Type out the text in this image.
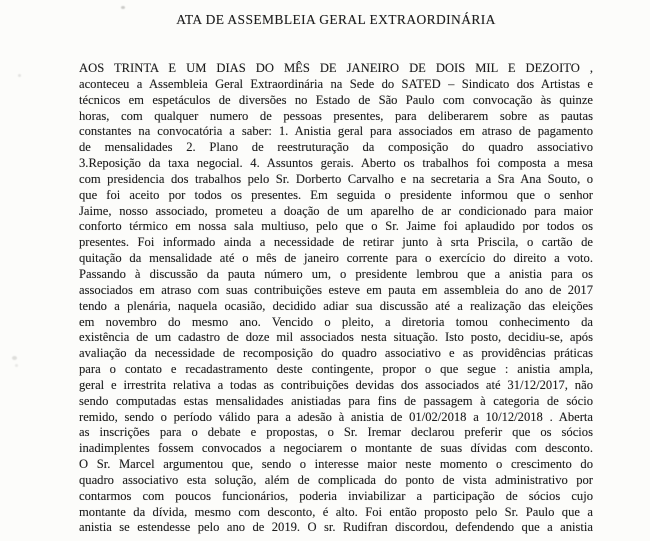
ATA DE ASSEMBLEIA GERAL EXTRAORDINÁRIA
AOS TRINTA E UM DIAS DO MÊS DE JANEIRO DE DOIS MIL E DEZOITO ,
aconteceu a Assembleia Geral Extraordinária na Sede do SATED – Sindicato dos Artistas e
técnicos em espetáculos de diversões no Estado de São Paulo com convocação às quinze
horas, com qualquer numero de pessoas presentes, para deliberarem sobre as pautas
constantes na convocatória a saber: 1. Anistia geral para associados em atraso de pagamento
de mensalidades 2. Plano de reestruturação da composição do quadro associativo
3.Reposição da taxa negocial. 4. Assuntos gerais. Aberto os trabalhos foi composta a mesa
com presidencia dos trabalhos pelo Sr. Dorberto Carvalho e na secretaria a Sra Ana Souto, o
que foi aceito por todos os presentes. Em seguida o presidente informou que o senhor
Jaime, nosso associado, prometeu a doação de um aparelho de ar condicionado para maior
conforto térmico em nossa sala multiuso, pelo que o Sr. Jaime foi aplaudido por todos os
presentes. Foi informado ainda a necessidade de retirar junto à srta Priscila, o cartão de
quitação da mensalidade até o mês de janeiro corrente para o exercício do direito a voto.
Passando à discussão da pauta número um, o presidente lembrou que a anistia para os
associados em atraso com suas contribuições esteve em pauta em assembleia do ano de 2017
tendo a plenária, naquela ocasião, decidido adiar sua discussão até a realização das eleições
em novembro do mesmo ano. Vencido o pleito, a diretoria tomou conhecimento da
existência de um cadastro de doze mil associados nesta situação. Isto posto, decidiu-se, após
avaliação da necessidade de recomposição do quadro associativo e as providências práticas
para o contato e recadastramento deste contingente, propor o que segue : anistia ampla,
geral e irrestrita relativa a todas as contribuições devidas dos associados até 31/12/2017, não
sendo computadas estas mensalidades anistiadas para fins de passagem à categoria de sócio
remido, sendo o período válido para a adesão à anistia de 01/02/2018 a 10/12/2018 . Aberta
as inscrições para o debate e propostas, o Sr. Iremar declarou preferir que os sócios
inadimplentes fossem convocados a negociarem o montante de suas dívidas com desconto.
O Sr. Marcel argumentou que, sendo o interesse maior neste momento o crescimento do
quadro associativo esta solução, além de complicada do ponto de vista administrativo por
contarmos com poucos funcionários, poderia inviabilizar a participação de sócios cujo
montante da dívida, mesmo com desconto, é alto. Foi então proposto pelo Sr. Paulo que a
anistia se estendesse pelo ano de 2019. O sr. Rudifran discordou, defendendo que a anistia
